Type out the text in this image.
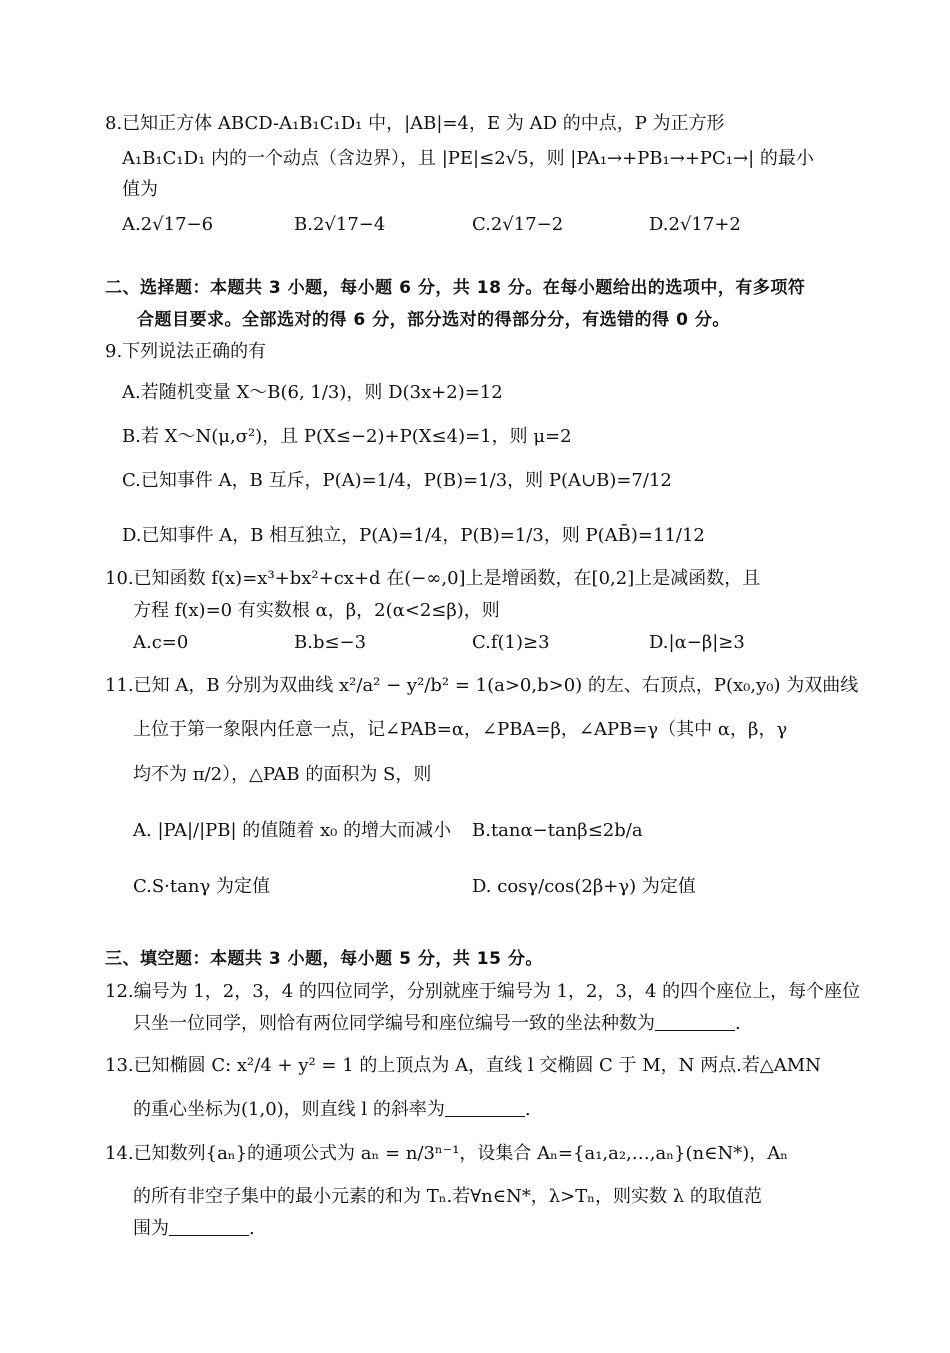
8.已知正方体 ABCD-A₁B₁C₁D₁ 中，|AB|=4，E 为 AD 的中点，P 为正方形
A₁B₁C₁D₁ 内的一个动点（含边界），且 |PE|≤2√5，则 |PA₁→+PB₁→+PC₁→| 的最小
值为
A.2√17−6	B.2√17−4	C.2√17−2	D.2√17+2
二、选择题：本题共 3 小题，每小题 6 分，共 18 分。在每小题给出的选项中，有多项符
合题目要求。全部选对的得 6 分，部分选对的得部分分，有选错的得 0 分。
9.下列说法正确的有
A.若随机变量 X～B(6, 1/3)，则 D(3x+2)=12
B.若 X～N(μ,σ²)，且 P(X≤−2)+P(X≤4)=1，则 μ=2
C.已知事件 A，B 互斥，P(A)=1/4，P(B)=1/3，则 P(A∪B)=7/12
D.已知事件 A，B 相互独立，P(A)=1/4，P(B)=1/3，则 P(AB̄)=11/12
10.已知函数 f(x)=x³+bx²+cx+d 在(−∞,0]上是增函数，在[0,2]上是减函数，且
方程 f(x)=0 有实数根 α，β，2(α<2≤β)，则
A.c=0	B.b≤−3	C.f(1)≥3	D.|α−β|≥3
11.已知 A，B 分别为双曲线 x²/a² − y²/b² = 1(a>0,b>0) 的左、右顶点，P(x₀,y₀) 为双曲线
上位于第一象限内任意一点，记∠PAB=α，∠PBA=β，∠APB=γ（其中 α，β，γ
均不为 π/2），△PAB 的面积为 S，则
A. |PA|/|PB| 的值随着 x₀ 的增大而减小 B.tanα−tanβ≤2b/a
C.S·tanγ 为定值	D. cosγ/cos(2β+γ) 为定值
三、填空题：本题共 3 小题，每小题 5 分，共 15 分。
12.编号为 1，2，3，4 的四位同学，分别就座于编号为 1，2，3，4 的四个座位上，每个座位
只坐一位同学，则恰有两位同学编号和座位编号一致的坐法种数为	.
13.已知椭圆 C: x²/4 + y² = 1 的上顶点为 A，直线 l 交椭圆 C 于 M，N 两点.若△AMN
的重心坐标为(1,0)，则直线 l 的斜率为	.
14.已知数列{aₙ}的通项公式为 aₙ = n/3ⁿ⁻¹，设集合 Aₙ={a₁,a₂,…,aₙ}(n∈N*)，Aₙ
的所有非空子集中的最小元素的和为 Tₙ.若∀n∈N*，λ>Tₙ，则实数 λ 的取值范
围为	.
